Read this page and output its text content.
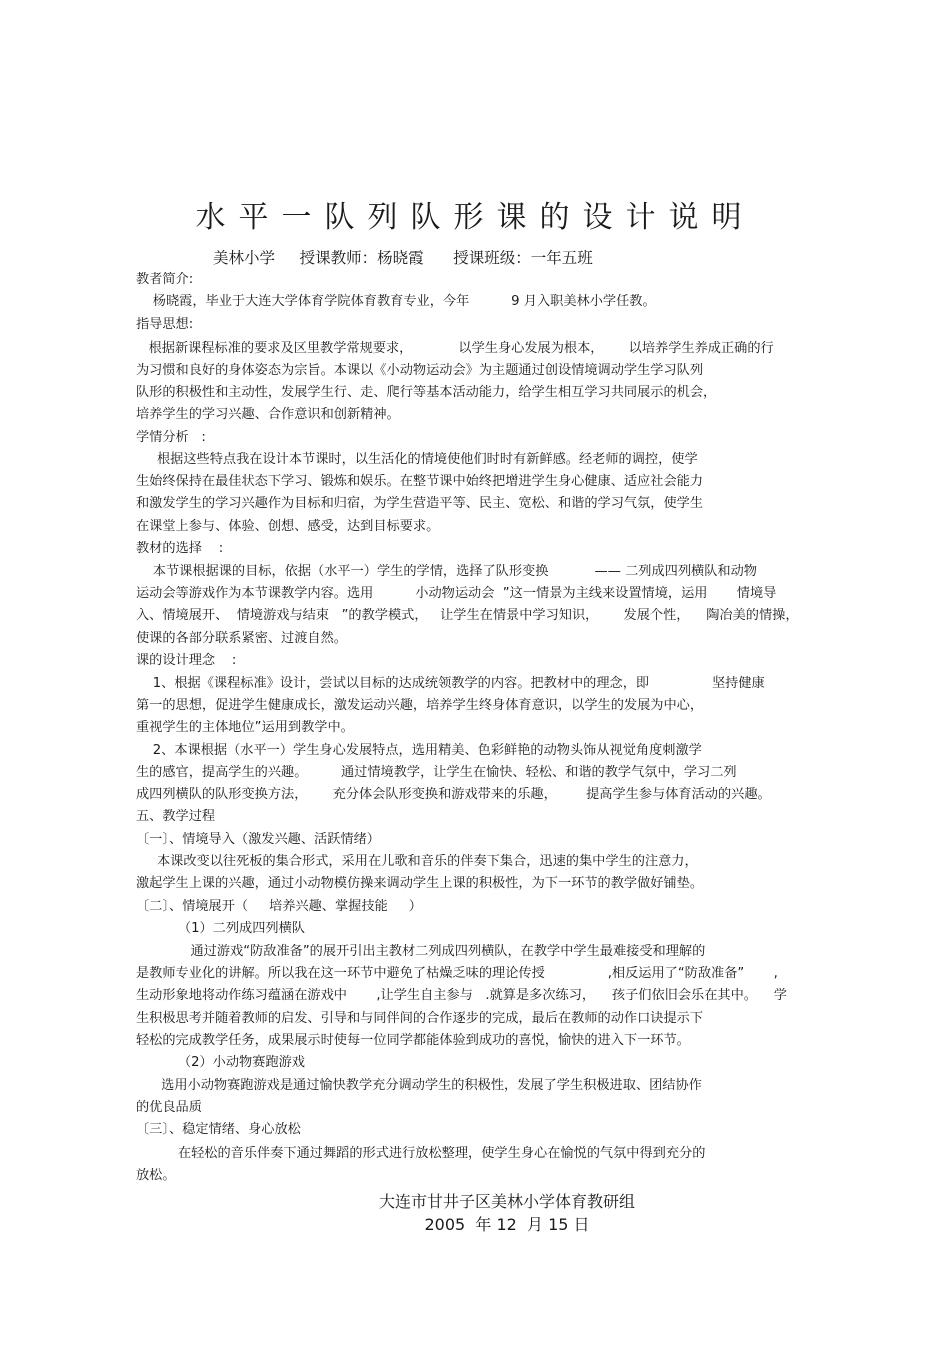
水平一队列队形课的设计说明
美林小学     授课教师：杨晓霞      授课班级：一年五班
教者简介:
杨晓霞，毕业于大连大学体育学院体育教育专业，今年          9 月入职美林小学任教。
指导思想:
根据新课程标准的要求及区里教学常规要求，           以学生身心发展为根本，      以培养学生养成正确的行
为习惯和良好的身体姿态为宗旨。本课以《小动物运动会》为主题通过创设情境调动学生学习队列
队形的积极性和主动性，发展学生行、走、爬行等基本活动能力，给学生相互学习共同展示的机会，
培养学生的学习兴趣、合作意识和创新精神。
学情分析   :
根据这些特点我在设计本节课时，以生活化的情境使他们时时有新鲜感。经老师的调控，使学
生始终保持在最佳状态下学习、锻炼和娱乐。在整节课中始终把增进学生身心健康、适应社会能力
和激发学生的学习兴趣作为目标和归宿，为学生营造平等、民主、宽松、和谐的学习气氛，使学生
在课堂上参与、体验、创想、感受，达到目标要求。
教材的选择    :
本节课根据课的目标，依据（水平一）学生的学情，选择了队形变换           —— 二列成四列横队和动物
运动会等游戏作为本节课教学内容。选用          小动物运动会  ”这一情景为主线来设置情境，运用       情境导
入、情境展开、  情境游戏与结束   ”的教学模式，   让学生在情景中学习知识，      发展个性，    陶冶美的情操，
使课的各部分联系紧密、过渡自然。
课的设计理念    :
1、根据《课程标准》设计，尝试以目标的达成统领教学的内容。把教材中的理念，即               坚持健康
第一的思想，促进学生健康成长，激发运动兴趣，培养学生终身体育意识，以学生的发展为中心，
重视学生的主体地位”运用到教学中。
2、本课根据（水平一）学生身心发展特点，选用精美、色彩鲜艳的动物头饰从视觉角度刺激学
生的感官，提高学生的兴趣。        通过情境教学，让学生在愉快、轻松、和谐的教学气氛中，学习二列
成四列横队的队形变换方法，      充分体会队形变换和游戏带来的乐趣，       提高学生参与体育活动的兴趣。
五、教学过程
〔一〕、情境导入（激发兴趣、活跃情绪）
本课改变以往死板的集合形式，采用在儿歌和音乐的伴奏下集合，迅速的集中学生的注意力，
激起学生上课的兴趣，通过小动物模仿操来调动学生上课的积极性，为下一环节的教学做好铺垫。
〔二〕、情境展开（     培养兴趣、掌握技能     ）
（1）二列成四列横队
通过游戏“防敌准备”的展开引出主教材二列成四列横队，在教学中学生最难接受和理解的
是教师专业化的讲解。所以我在这一环节中避免了枯燥乏味的理论传授               ,相反运用了“防敌准备”       ,
生动形象地将动作练习蕴涵在游戏中       ,让学生自主参与   .就算是多次练习，    孩子们依旧会乐在其中。    学
生积极思考并随着教师的启发、引导和与同伴间的合作逐步的完成，最后在教师的动作口诀提示下
轻松的完成教学任务，成果展示时使每一位同学都能体验到成功的喜悦，愉快的进入下一环节。
（2）小动物赛跑游戏
选用小动物赛跑游戏是通过愉快教学充分调动学生的积极性，发展了学生积极进取、团结协作
的优良品质
〔三〕、稳定情绪、身心放松
在轻松的音乐伴奏下通过舞蹈的形式进行放松整理，使学生身心在愉悦的气氛中得到充分的
放松。
大连市甘井子区美林小学体育教研组
2005  年 12  月 15 日
